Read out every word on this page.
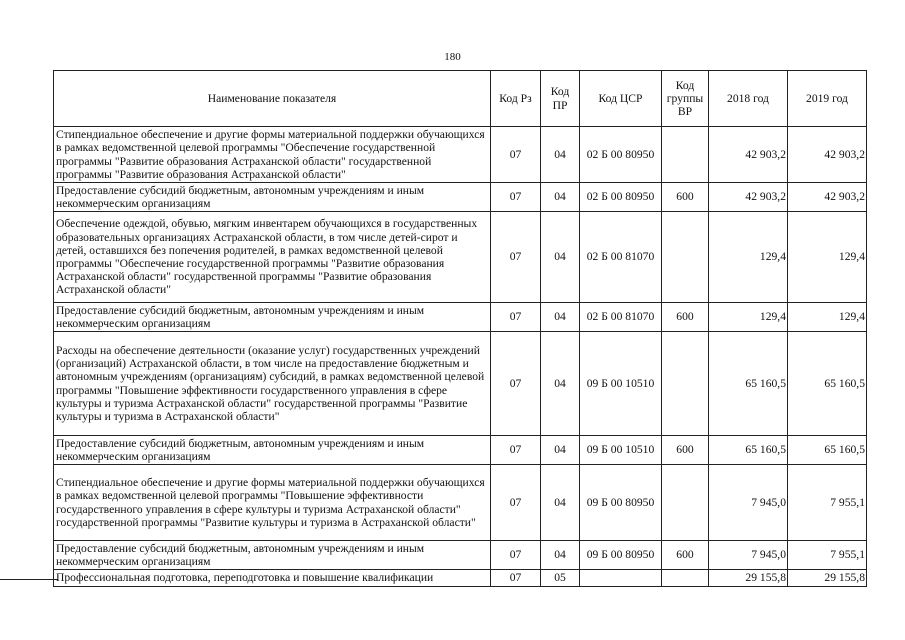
180
Наименование показателя	Код Рз	Код ПР	Код ЦСР	Код группы ВР	2018 год	2019 год
Стипендиальное обеспечение и другие формы материальной поддержки обучающихся в рамках ведомственной целевой программы "Обеспечение государственной программы "Развитие образования Астраханской области" государственной программы "Развитие образования Астраханской области"	07	04	02 Б 00 80950		42 903,2	42 903,2
Предоставление субсидий бюджетным, автономным учреждениям и иным некоммерческим организациям	07	04	02 Б 00 80950	600	42 903,2	42 903,2
Обеспечение одеждой, обувью, мягким инвентарем обучающихся в государственных образовательных организациях Астраханской области, в том числе детей-сирот и детей, оставшихся без попечения родителей, в рамках ведомственной целевой программы "Обеспечение государственной программы "Развитие образования Астраханской области" государственной программы "Развитие образования Астраханской области"	07	04	02 Б 00 81070		129,4	129,4
Предоставление субсидий бюджетным, автономным учреждениям и иным некоммерческим организациям	07	04	02 Б 00 81070	600	129,4	129,4
Расходы на обеспечение деятельности (оказание услуг) государственных учреждений (организаций) Астраханской области, в том числе на предоставление бюджетным и автономным учреждениям (организациям) субсидий, в рамках ведомственной целевой программы "Повышение эффективности государственного управления в сфере культуры и туризма Астраханской области" государственной программы "Развитие культуры и туризма в Астраханской области"	07	04	09 Б 00 10510		65 160,5	65 160,5
Предоставление субсидий бюджетным, автономным учреждениям и иным некоммерческим организациям	07	04	09 Б 00 10510	600	65 160,5	65 160,5
Стипендиальное обеспечение и другие формы материальной поддержки обучающихся в рамках ведомственной целевой программы "Повышение эффективности государственного управления в сфере культуры и туризма Астраханской области" государственной программы "Развитие культуры и туризма в Астраханской области"	07	04	09 Б 00 80950		7 945,0	7 955,1
Предоставление субсидий бюджетным, автономным учреждениям и иным некоммерческим организациям	07	04	09 Б 00 80950	600	7 945,0	7 955,1
Профессиональная подготовка, переподготовка и повышение квалификации	07	05			29 155,8	29 155,8
